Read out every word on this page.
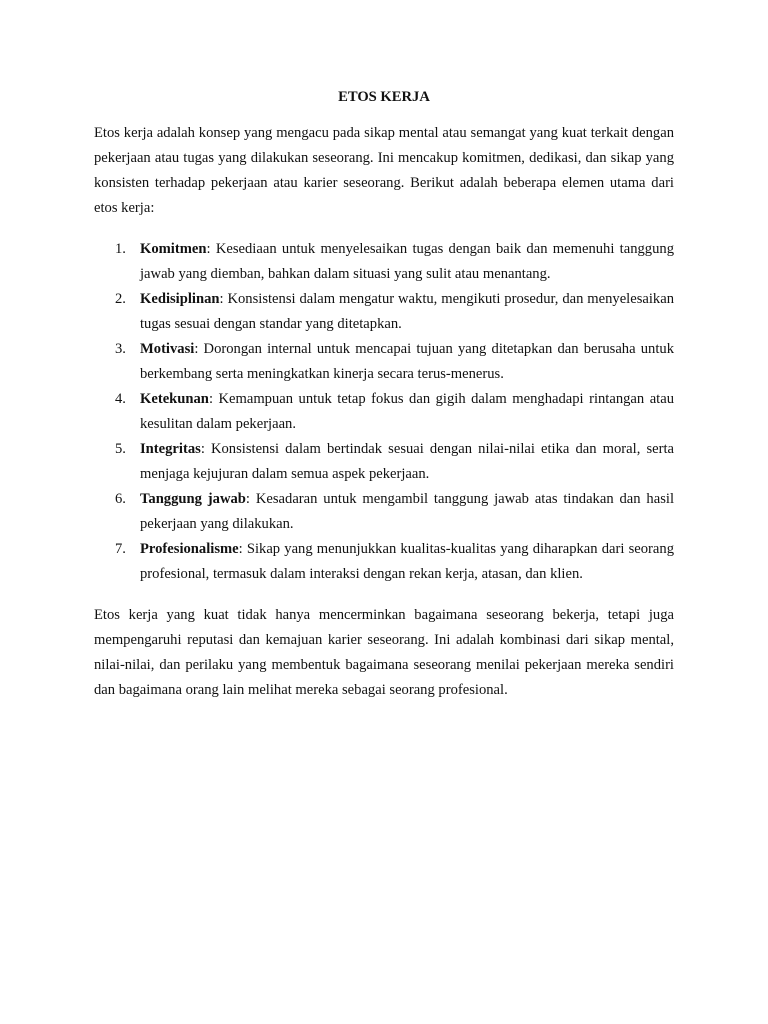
ETOS KERJA

Etos kerja adalah konsep yang mengacu pada sikap mental atau semangat yang kuat terkait dengan pekerjaan atau tugas yang dilakukan seseorang. Ini mencakup komitmen, dedikasi, dan sikap yang konsisten terhadap pekerjaan atau karier seseorang. Berikut adalah beberapa elemen utama dari etos kerja:

1. Komitmen: Kesediaan untuk menyelesaikan tugas dengan baik dan memenuhi tanggung jawab yang diemban, bahkan dalam situasi yang sulit atau menantang.
2. Kedisiplinan: Konsistensi dalam mengatur waktu, mengikuti prosedur, dan menyelesaikan tugas sesuai dengan standar yang ditetapkan.
3. Motivasi: Dorongan internal untuk mencapai tujuan yang ditetapkan dan berusaha untuk berkembang serta meningkatkan kinerja secara terus-menerus.
4. Ketekunan: Kemampuan untuk tetap fokus dan gigih dalam menghadapi rintangan atau kesulitan dalam pekerjaan.
5. Integritas: Konsistensi dalam bertindak sesuai dengan nilai-nilai etika dan moral, serta menjaga kejujuran dalam semua aspek pekerjaan.
6. Tanggung jawab: Kesadaran untuk mengambil tanggung jawab atas tindakan dan hasil pekerjaan yang dilakukan.
7. Profesionalisme: Sikap yang menunjukkan kualitas-kualitas yang diharapkan dari seorang profesional, termasuk dalam interaksi dengan rekan kerja, atasan, dan klien.

Etos kerja yang kuat tidak hanya mencerminkan bagaimana seseorang bekerja, tetapi juga mempengaruhi reputasi dan kemajuan karier seseorang. Ini adalah kombinasi dari sikap mental, nilai-nilai, dan perilaku yang membentuk bagaimana seseorang menilai pekerjaan mereka sendiri dan bagaimana orang lain melihat mereka sebagai seorang profesional.
